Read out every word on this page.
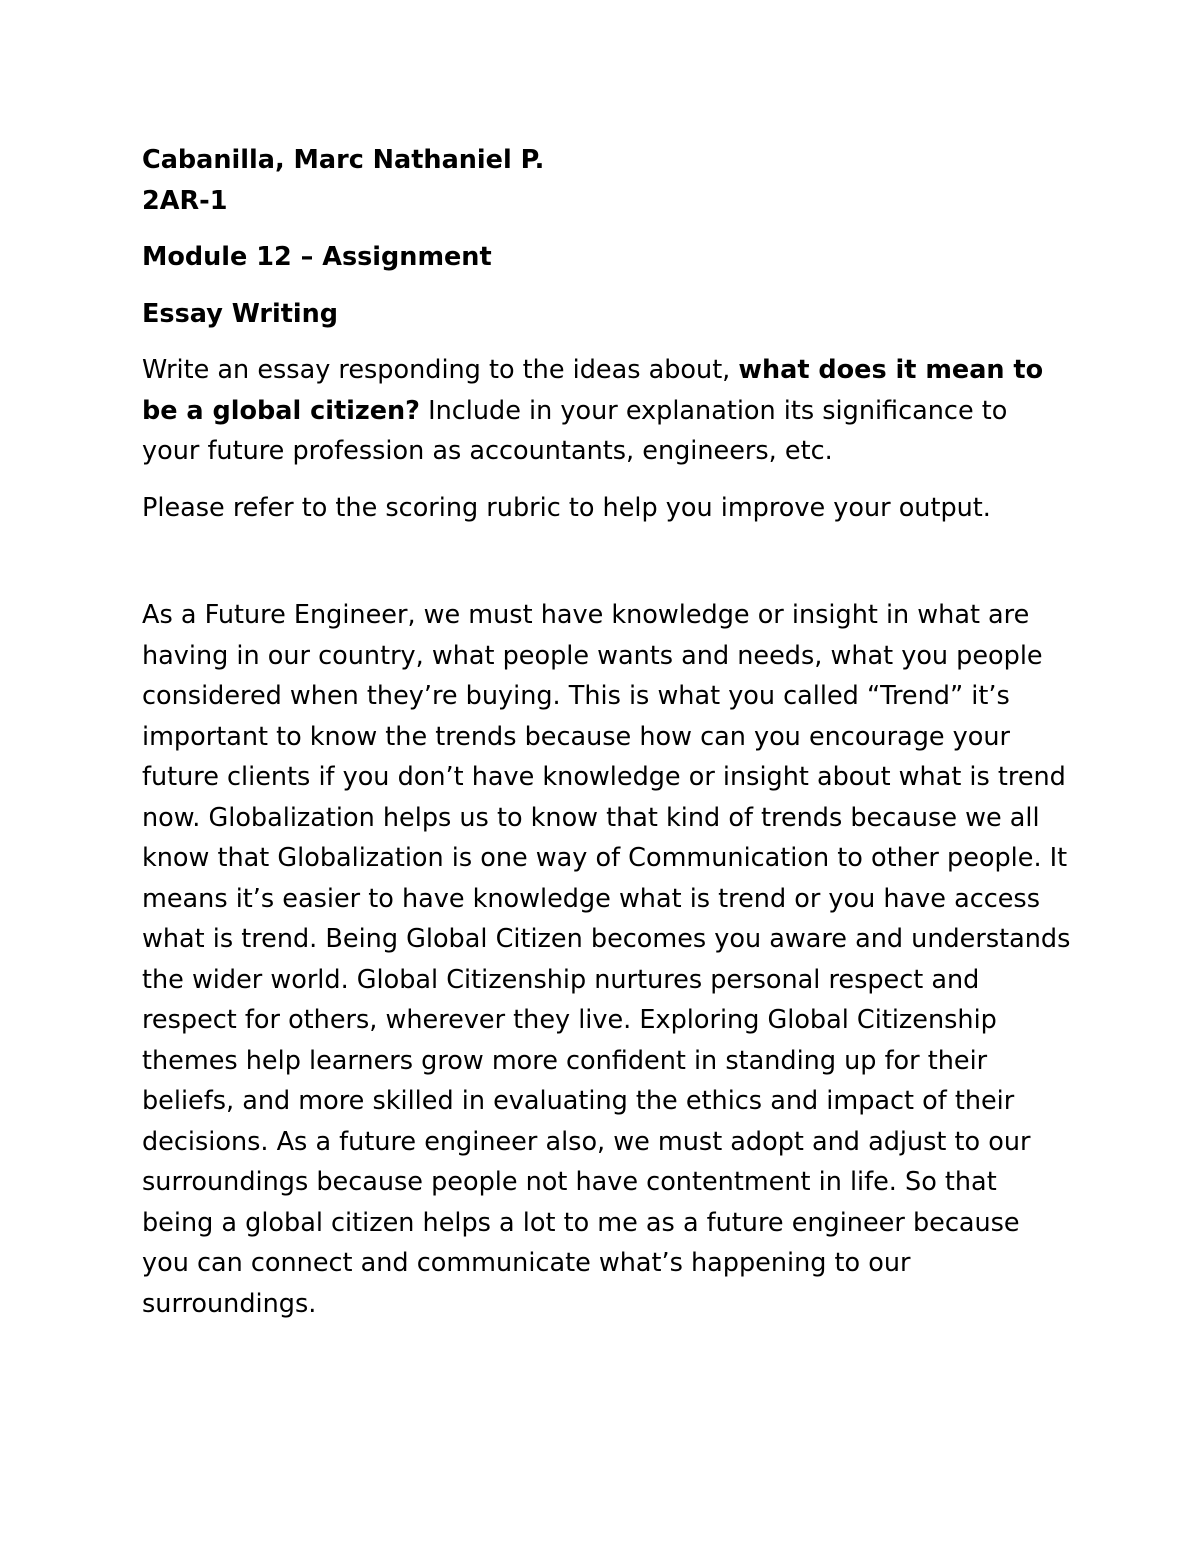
Cabanilla, Marc Nathaniel P.

2AR-1

Module 12 – Assignment

Essay Writing

Write an essay responding to the ideas about, what does it mean to be a global citizen? Include in your explanation its significance to your future profession as accountants, engineers, etc.

Please refer to the scoring rubric to help you improve your output.

As a Future Engineer, we must have knowledge or insight in what are having in our country, what people wants and needs, what you people considered when they’re buying. This is what you called “Trend” it’s important to know the trends because how can you encourage your future clients if you don’t have knowledge or insight about what is trend now. Globalization helps us to know that kind of trends because we all know that Globalization is one way of Communication to other people. It means it’s easier to have knowledge what is trend or you have access what is trend. Being Global Citizen becomes you aware and understands the wider world. Global Citizenship nurtures personal respect and respect for others, wherever they live. Exploring Global Citizenship themes help learners grow more confident in standing up for their beliefs, and more skilled in evaluating the ethics and impact of their decisions. As a future engineer also, we must adopt and adjust to our surroundings because people not have contentment in life. So that being a global citizen helps a lot to me as a future engineer because you can connect and communicate what’s happening to our surroundings.
